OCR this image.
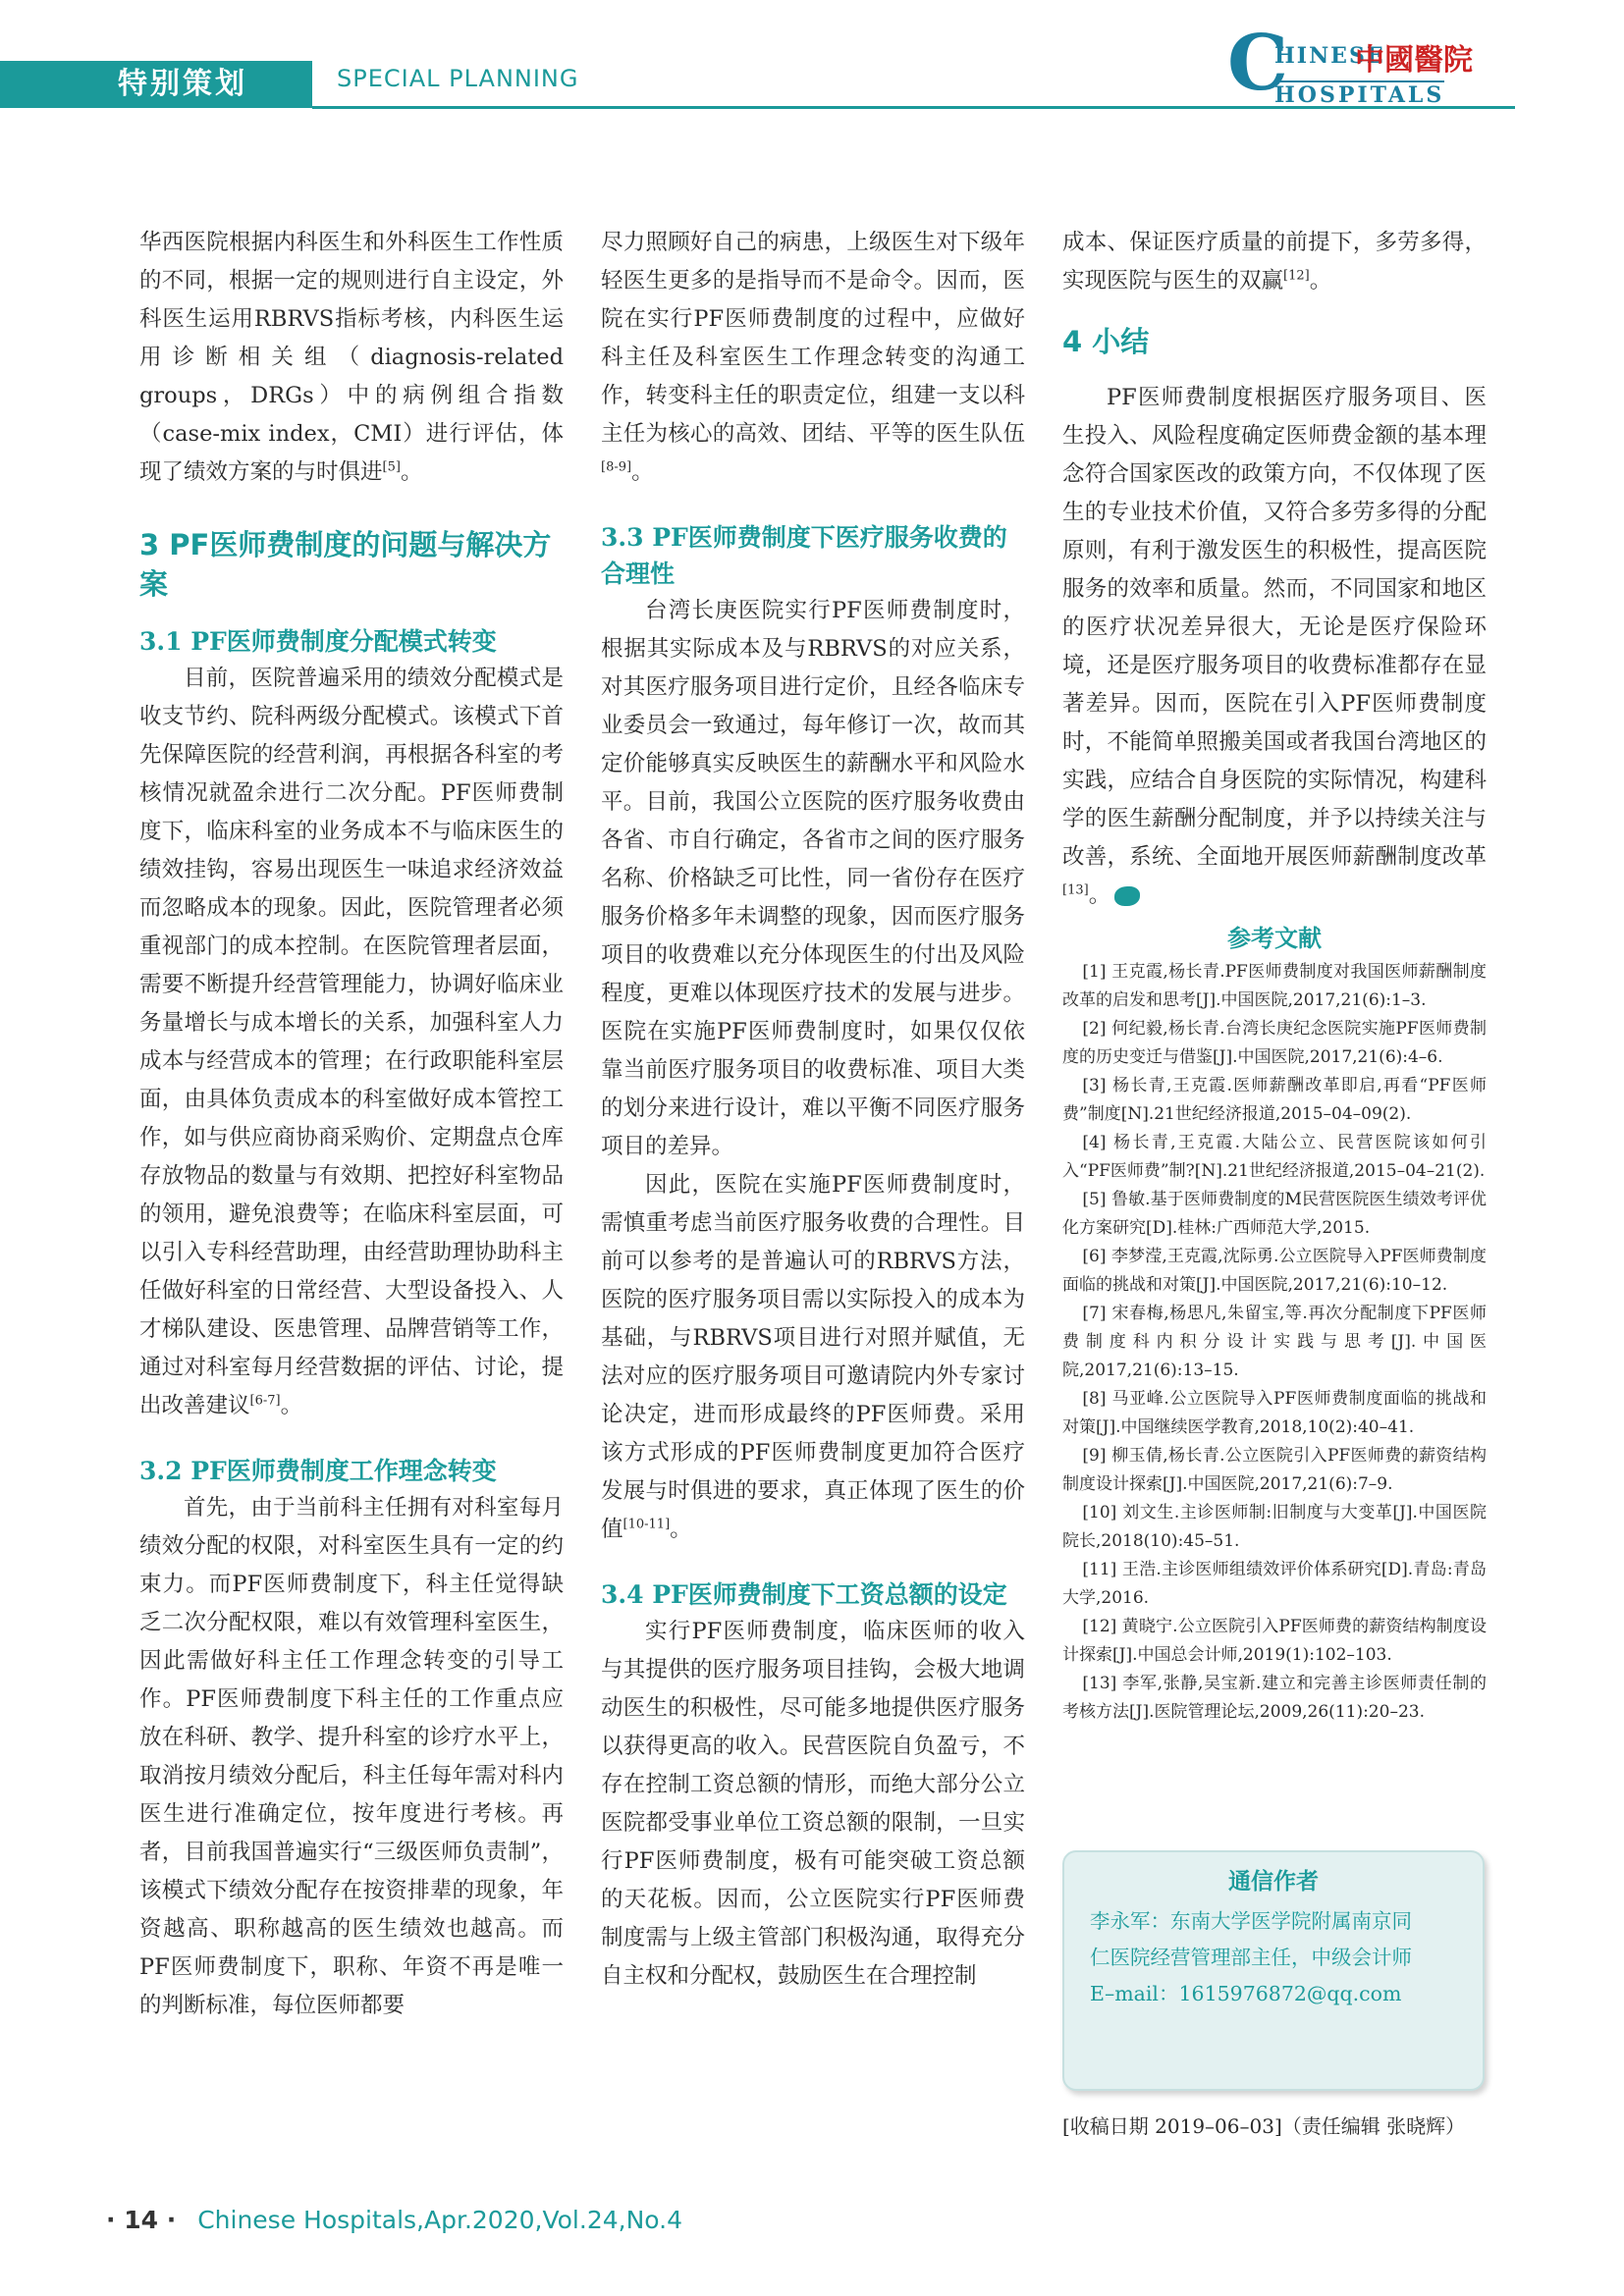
特别策划	SPECIAL PLANNING	C
HINESE
中國醫院
HOSPITALS

华西医院根据内科医生和外科医生工作性质的不同，根据一定的规则进行自主设定，外科医生运用RBRVS指标考核，内科医生运用诊断相关组（diagnosis-related groups，DRGs）中的病例组合指数（case-mix index，CMI）进行评估，体现了绩效方案的与时俱进[5]。

3 PF医师费制度的问题与解决方案

3.1 PF医师费制度分配模式转变

目前，医院普遍采用的绩效分配模式是收支节约、院科两级分配模式。该模式下首先保障医院的经营利润，再根据各科室的考核情况就盈余进行二次分配。PF医师费制度下，临床科室的业务成本不与临床医生的绩效挂钩，容易出现医生一味追求经济效益而忽略成本的现象。因此，医院管理者必须重视部门的成本控制。在医院管理者层面，需要不断提升经营管理能力，协调好临床业务量增长与成本增长的关系，加强科室人力成本与经营成本的管理；在行政职能科室层面，由具体负责成本的科室做好成本管控工作，如与供应商协商采购价、定期盘点仓库存放物品的数量与有效期、把控好科室物品的领用，避免浪费等；在临床科室层面，可以引入专科经营助理，由经营助理协助科主任做好科室的日常经营、大型设备投入、人才梯队建设、医患管理、品牌营销等工作，通过对科室每月经营数据的评估、讨论，提出改善建议[6-7]。

3.2 PF医师费制度工作理念转变

首先，由于当前科主任拥有对科室每月绩效分配的权限，对科室医生具有一定的约束力。而PF医师费制度下，科主任觉得缺乏二次分配权限，难以有效管理科室医生，因此需做好科主任工作理念转变的引导工作。PF医师费制度下科主任的工作重点应放在科研、教学、提升科室的诊疗水平上，取消按月绩效分配后，科主任每年需对科内医生进行准确定位，按年度进行考核。再者，目前我国普遍实行“三级医师负责制”，该模式下绩效分配存在按资排辈的现象，年资越高、职称越高的医生绩效也越高。而PF医师费制度下，职称、年资不再是唯一的判断标准，每位医师都要

尽力照顾好自己的病患，上级医生对下级年轻医生更多的是指导而不是命令。因而，医院在实行PF医师费制度的过程中，应做好科主任及科室医生工作理念转变的沟通工作，转变科主任的职责定位，组建一支以科主任为核心的高效、团结、平等的医生队伍[8-9]。

3.3 PF医师费制度下医疗服务收费的合理性

台湾长庚医院实行PF医师费制度时，根据其实际成本及与RBRVS的对应关系，对其医疗服务项目进行定价，且经各临床专业委员会一致通过，每年修订一次，故而其定价能够真实反映医生的薪酬水平和风险水平。目前，我国公立医院的医疗服务收费由各省、市自行确定，各省市之间的医疗服务名称、价格缺乏可比性，同一省份存在医疗服务价格多年未调整的现象，因而医疗服务项目的收费难以充分体现医生的付出及风险程度，更难以体现医疗技术的发展与进步。医院在实施PF医师费制度时，如果仅仅依靠当前医疗服务项目的收费标准、项目大类的划分来进行设计，难以平衡不同医疗服务项目的差异。

因此，医院在实施PF医师费制度时，需慎重考虑当前医疗服务收费的合理性。目前可以参考的是普遍认可的RBRVS方法，医院的医疗服务项目需以实际投入的成本为基础，与RBRVS项目进行对照并赋值，无法对应的医疗服务项目可邀请院内外专家讨论决定，进而形成最终的PF医师费。采用该方式形成的PF医师费制度更加符合医疗发展与时俱进的要求，真正体现了医生的价值[10-11]。

3.4 PF医师费制度下工资总额的设定

实行PF医师费制度，临床医师的收入与其提供的医疗服务项目挂钩，会极大地调动医生的积极性，尽可能多地提供医疗服务以获得更高的收入。民营医院自负盈亏，不存在控制工资总额的情形，而绝大部分公立医院都受事业单位工资总额的限制，一旦实行PF医师费制度，极有可能突破工资总额的天花板。因而，公立医院实行PF医师费制度需与上级主管部门积极沟通，取得充分自主权和分配权，鼓励医生在合理控制

成本、保证医疗质量的前提下，多劳多得，实现医院与医生的双赢[12]。

4 小结

PF医师费制度根据医疗服务项目、医生投入、风险程度确定医师费金额的基本理念符合国家医改的政策方向，不仅体现了医生的专业技术价值，又符合多劳多得的分配原则，有利于激发医生的积极性，提高医院服务的效率和质量。然而，不同国家和地区的医疗状况差异很大，无论是医疗保险环境，还是医疗服务项目的收费标准都存在显著差异。因而，医院在引入PF医师费制度时，不能简单照搬美国或者我国台湾地区的实践，应结合自身医院的实际情况，构建科学的医生薪酬分配制度，并予以持续关注与改善，系统、全面地开展医师薪酬制度改革[13]。

参考文献

[1] 王克霞,杨长青.PF医师费制度对我国医师薪酬制度改革的启发和思考[J].中国医院,2017,21(6):1–3.

[2] 何纪毅,杨长青.台湾长庚纪念医院实施PF医师费制度的历史变迁与借鉴[J].中国医院,2017,21(6):4–6.

[3] 杨长青,王克霞.医师薪酬改革即启,再看“PF医师费”制度[N].21世纪经济报道,2015–04–09(2).

[4] 杨长青,王克霞.大陆公立、民营医院该如何引入“PF医师费”制?[N].21世纪经济报道,2015–04–21(2).

[5] 鲁敏.基于医师费制度的M民营医院医生绩效考评优化方案研究[D].桂林:广西师范大学,2015.

[6] 李梦滢,王克霞,沈际勇.公立医院导入PF医师费制度面临的挑战和对策[J].中国医院,2017,21(6):10–12.

[7] 宋春梅,杨思凡,朱留宝,等.再次分配制度下PF医师费制度科内积分设计实践与思考[J].中国医院,2017,21(6):13–15.

[8] 马亚峰.公立医院导入PF医师费制度面临的挑战和对策[J].中国继续医学教育,2018,10(2):40–41.

[9] 柳玉倩,杨长青.公立医院引入PF医师费的薪资结构制度设计探索[J].中国医院,2017,21(6):7–9.

[10] 刘文生.主诊医师制:旧制度与大变革[J].中国医院院长,2018(10):45–51.

[11] 王浩.主诊医师组绩效评价体系研究[D].青岛:青岛大学,2016.

[12] 黄晓宁.公立医院引入PF医师费的薪资结构制度设计探索[J].中国总会计师,2019(1):102–103.

[13] 李军,张静,吴宝新.建立和完善主诊医师责任制的考核方法[J].医院管理论坛,2009,26(11):20–23.

通信作者

李永军：东南大学医学院附属南京同

仁医院经营管理部主任，中级会计师

E–mail：1615976872@qq.com

[收稿日期 2019–06–03]（责任编辑 张晓辉）
· 14 · Chinese Hospitals,Apr.2020,Vol.24,No.4
